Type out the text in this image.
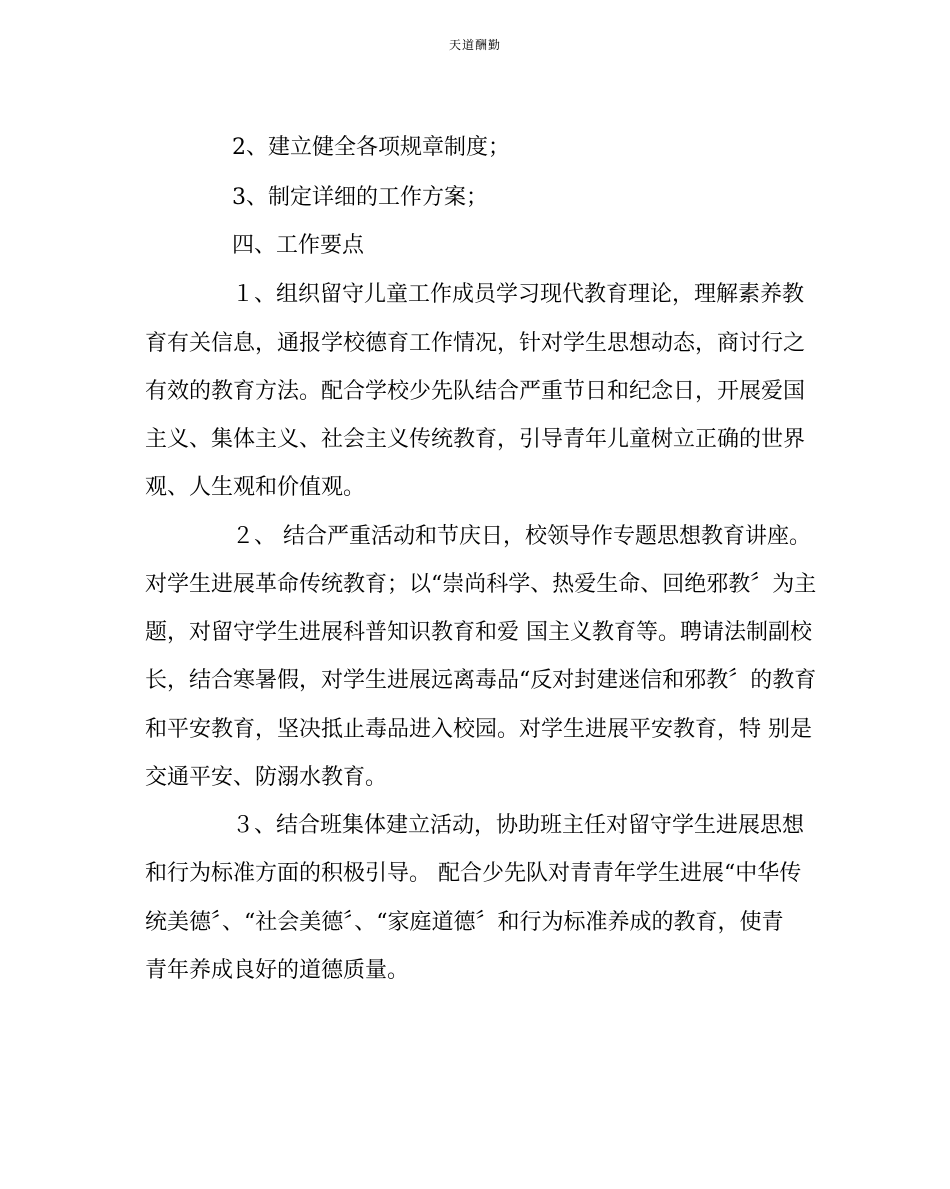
天道酬勤
2、建立健全各项规章制度；
3、制定详细的工作方案；
四、工作要点
１、组织留守儿童工作成员学习现代教育理论，理解素养教
育有关信息，通报学校德育工作情况，针对学生思想动态，商讨行之
有效的教育方法。配合学校少先队结合严重节日和纪念日，开展爱国
主义、集体主义、社会主义传统教育，引导青年儿童树立正确的世界
观、人生观和价值观。
２、 结合严重活动和节庆日，校领导作专题思想教育讲座。
对学生进展革命传统教育；以“崇尚科学、热爱生命、回绝邪教〞为主
题，对留守学生进展科普知识教育和爱 国主义教育等。聘请法制副校
长，结合寒暑假，对学生进展远离毒品“反对封建迷信和邪教〞的教育
和平安教育，坚决抵止毒品进入校园。对学生进展平安教育，特 别是
交通平安、防溺水教育。
３、结合班集体建立活动，协助班主任对留守学生进展思想
和行为标准方面的积极引导。 配合少先队对青青年学生进展“中华传
统美德〞、“社会美德〞、“家庭道德〞和行为标准养成的教育，使青
青年养成良好的道德质量。
